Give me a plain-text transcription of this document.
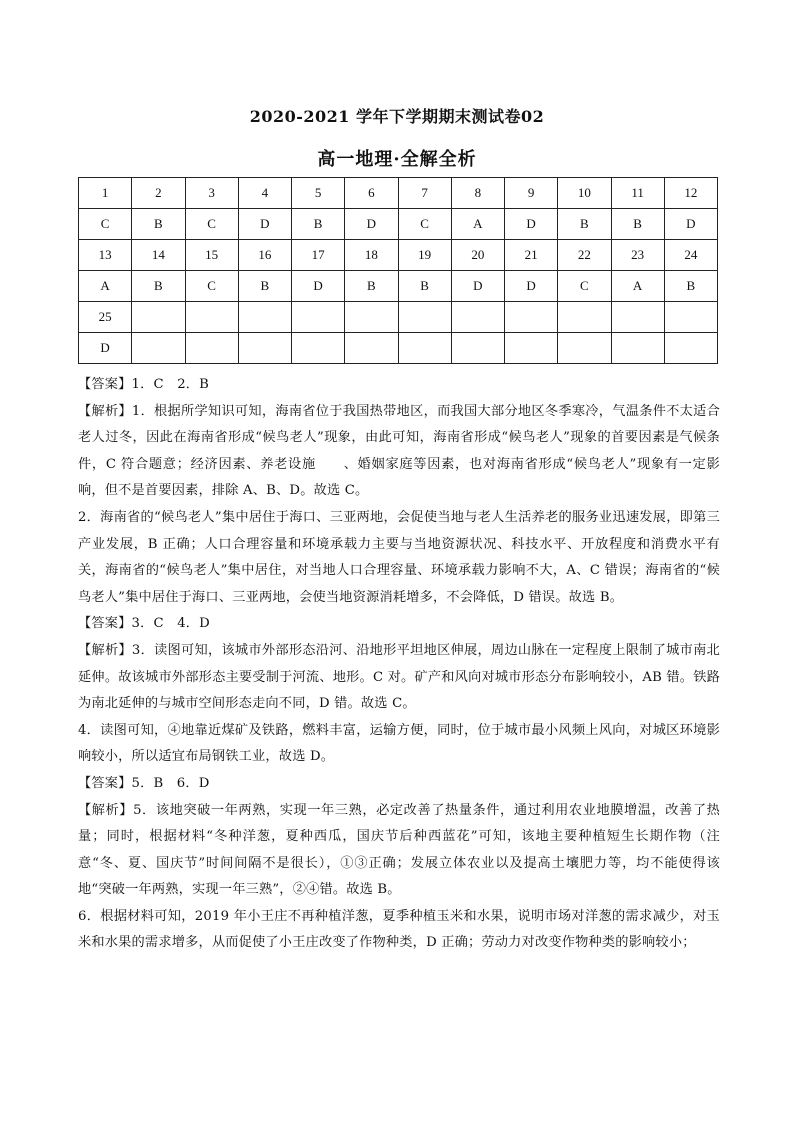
2020-2021 学年下学期期末测试卷02
高一地理·全解全析
1	2	3	4	5	6	7	8	9	10	11	12
C	B	C	D	B	D	C	A	D	B	B	D
13	14	15	16	17	18	19	20	21	22	23	24
A	B	C	B	D	B	B	D	D	C	A	B
25											
D											

【答案】1．C　2．B

【解析】1．根据所学知识可知，海南省位于我国热带地区，而我国大部分地区冬季寒冷，气温条件不太适合老人过冬，因此在海南省形成“候鸟老人”现象，由此可知，海南省形成“候鸟老人”现象的首要因素是气候条件，C 符合题意；经济因素、养老设施　　、婚姻家庭等因素，也对海南省形成“候鸟老人”现象有一定影响，但不是首要因素，排除 A、B、D。故选 C。

2．海南省的“候鸟老人”集中居住于海口、三亚两地，会促使当地与老人生活养老的服务业迅速发展，即第三产业发展，B 正确；人口合理容量和环境承载力主要与当地资源状况、科技水平、开放程度和消费水平有关，海南省的“候鸟老人”集中居住，对当地人口合理容量、环境承载力影响不大，A、C 错误；海南省的“候鸟老人”集中居住于海口、三亚两地，会使当地资源消耗增多，不会降低，D 错误。故选 B。

【答案】3．C　4．D

【解析】3．读图可知，该城市外部形态沿河、沿地形平坦地区伸展，周边山脉在一定程度上限制了城市南北延伸。故该城市外部形态主要受制于河流、地形。C 对。矿产和风向对城市形态分布影响较小，AB 错。铁路为南北延伸的与城市空间形态走向不同，D 错。故选 C。

4．读图可知，④地靠近煤矿及铁路，燃料丰富，运输方便，同时，位于城市最小风频上风向，对城区环境影响较小，所以适宜布局钢铁工业，故选 D。

【答案】5．B　6．D

【解析】5．该地突破一年两熟，实现一年三熟，必定改善了热量条件，通过利用农业地膜增温，改善了热量；同时，根据材料“冬种洋葱，夏种西瓜，国庆节后种西蓝花”可知，该地主要种植短生长期作物（注意“冬、夏、国庆节”时间间隔不是很长），①③正确；发展立体农业以及提高土壤肥力等，均不能使得该地“突破一年两熟，实现一年三熟”，②④错。故选 B。

6．根据材料可知，2019 年小王庄不再种植洋葱，夏季种植玉米和水果，说明市场对洋葱的需求减少，对玉米和水果的需求增多，从而促使了小王庄改变了作物种类，D 正确；劳动力对改变作物种类的影响较小；
